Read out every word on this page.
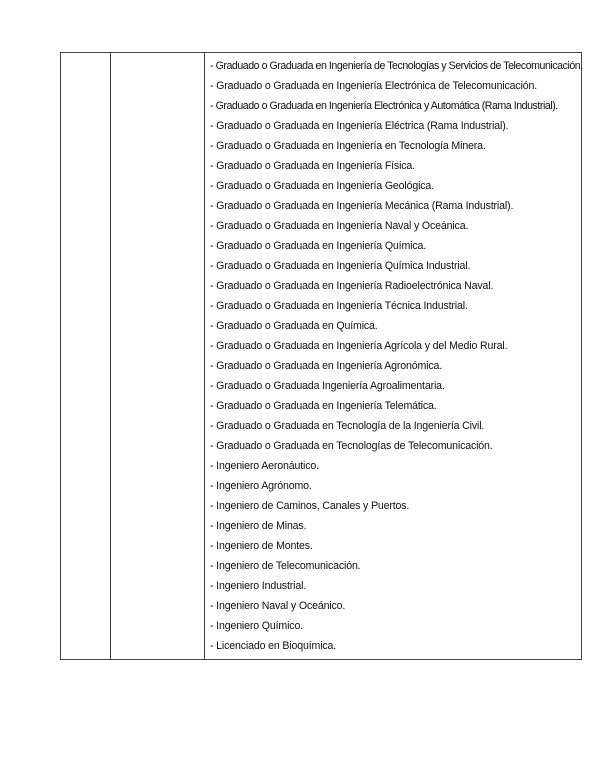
- Graduado o Graduada en Ingeniería de Tecnologías y Servicios de Telecomunicación.
- Graduado o Graduada en Ingeniería Electrónica de Telecomunicación.
- Graduado o Graduada en Ingeniería Electrónica y Automática (Rama Industrial).
- Graduado o Graduada en Ingeniería Eléctrica (Rama Industrial).
- Graduado o Graduada en Ingeniería en Tecnología Minera.
- Graduado o Graduada en Ingeniería Física.
- Graduado o Graduada en Ingeniería Geológica.
- Graduado o Graduada en Ingeniería Mecánica (Rama Industrial).
- Graduado o Graduada en Ingeniería Naval y Oceánica.
- Graduado o Graduada en Ingeniería Química.
- Graduado o Graduada en Ingeniería Química Industrial.
- Graduado o Graduada en Ingeniería Radioelectrónica Naval.
- Graduado o Graduada en Ingeniería Técnica Industrial.
- Graduado o Graduada en Química.
- Graduado o Graduada en Ingeniería Agrícola y del Medio Rural.
- Graduado o Graduada en Ingeniería Agronómica.
- Graduado o Graduada Ingeniería Agroalimentaria.
- Graduado o Graduada en Ingeniería Telemática.
- Graduado o Graduada en Tecnología de la Ingeniería Civil.
- Graduado o Graduada en Tecnologías de Telecomunicación.
- Ingeniero Aeronáutico.
- Ingeniero Agrónomo.
- Ingeniero de Caminos, Canales y Puertos.
- Ingeniero de Minas.
- Ingeniero de Montes.
- Ingeniero de Telecomunicación.
- Ingeniero Industrial.
- Ingeniero Naval y Oceánico.
- Ingeniero Químico.
- Licenciado en Bioquímica.
